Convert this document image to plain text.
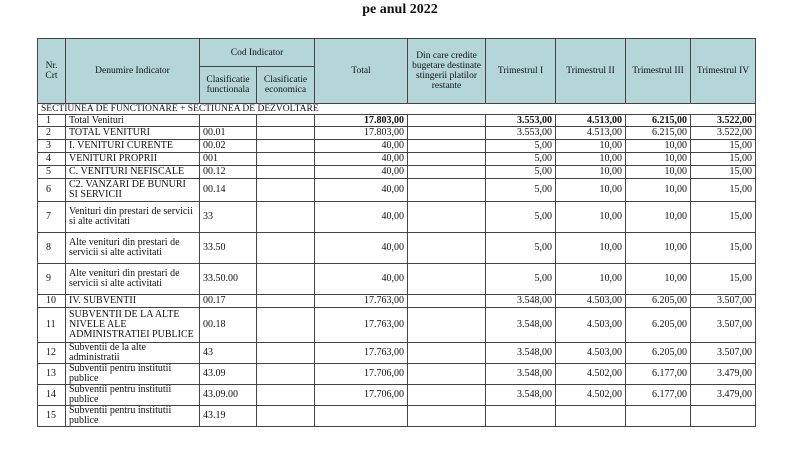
pe anul 2022
Nr. Crt	Denumire Indicator	Cod Indicator		Total	Din care credite bugetare destinate stingerii platilor restante	Trimestrul I	Trimestrul II	Trimestrul III	Trimestrul IV
		Clasificatie functionala	Clasificatie economica						
SECTIUNEA DE FUNCTIONARE + SECTIUNEA DE DEZVOLTARE									
1	Total Venituri			17.803,00		3.553,00	4.513,00	6.215,00	3.522,00
2	TOTAL VENITURI	00.01		17.803,00		3.553,00	4.513,00	6.215,00	3.522,00
3	I. VENITURI CURENTE	00.02		40,00		5,00	10,00	10,00	15,00
4	VENITURI PROPRII	001		40,00		5,00	10,00	10,00	15,00
5	C. VENITURI NEFISCALE	00.12		40,00		5,00	10,00	10,00	15,00
6	C2. VANZARI DE BUNURI SI SERVICII	00.14		40,00		5,00	10,00	10,00	15,00
7	Venituri din prestari de servicii si alte activitati	33		40,00		5,00	10,00	10,00	15,00
8	Alte venituri din prestari de servicii si alte activitati	33.50		40,00		5,00	10,00	10,00	15,00
9	Alte venituri din prestari de servicii si alte activitati	33.50.00		40,00		5,00	10,00	10,00	15,00
10	IV. SUBVENTII	00.17		17.763,00		3.548,00	4.503,00	6.205,00	3.507,00
11	SUBVENTII DE LA ALTE NIVELE ALE ADMINISTRATIEI PUBLICE	00.18		17.763,00		3.548,00	4.503,00	6.205,00	3.507,00
12	Subventii de la alte administratii	43		17.763,00		3.548,00	4.503,00	6.205,00	3.507,00
13	Subventii pentru institutii publice	43.09		17.706,00		3.548,00	4.502,00	6.177,00	3.479,00
14	Subventii pentru institutii publice	43.09.00		17.706,00		3.548,00	4.502,00	6.177,00	3.479,00
15	Subventii pentru institutii publice	43.19							
